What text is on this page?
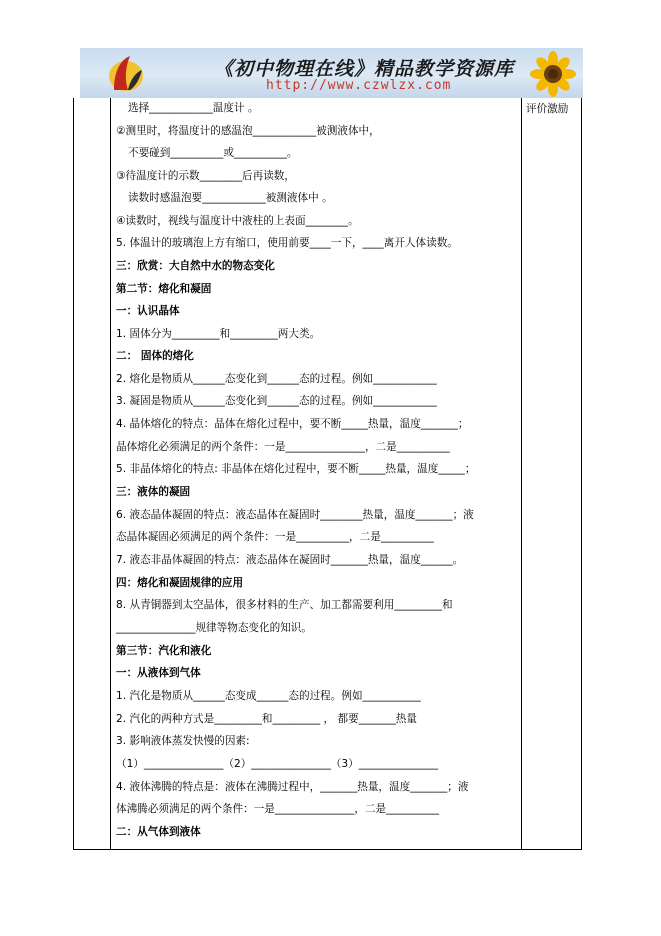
《初中物理在线》精品教学资源库
http://www.czwlzx.com
评价激励
选择____________温度计 。
②测里时，将温度计的感温泡____________被测液体中，
不要碰到__________或__________。
③待温度计的示数________后再读数，
读数时感温泡要____________被测液体中 。
④读数时，视线与温度计中液柱的上表面________。
5. 体温计的玻璃泡上方有缩口，使用前要____一下，____离开人体读数。
三：欣赏：大自然中水的物态变化
第二节：熔化和凝固
一：认识晶体
1. 固体分为_________和_________两大类。
二： 固体的熔化
2. 熔化是物质从______态变化到______态的过程。例如____________
3. 凝固是物质从______态变化到______态的过程。例如____________
4. 晶体熔化的特点：晶体在熔化过程中，要不断_____热量，温度_______；
晶体熔化必须满足的两个条件：一是_______________，二是__________
5. 非晶体熔化的特点: 非晶体在熔化过程中，要不断_____热量，温度_____；
三：液体的凝固
6. 液态晶体凝固的特点：液态晶体在凝固时________热量，温度_______；液
态晶体凝固必须满足的两个条件：一是__________，二是__________
7. 液态非晶体凝固的特点：液态晶体在凝固时_______热量，温度______。
四：熔化和凝固规律的应用
8. 从青铜器到太空晶体，很多材料的生产、加工都需要利用_________和
_______________规律等物态变化的知识。
第三节：汽化和液化
一：从液体到气体
1. 汽化是物质从______态变成______态的过程。例如___________
2. 汽化的两种方式是_________和_________ ， 都要_______热量
3. 影响液体蒸发快慢的因素:
（1）_______________（2）_______________（3）_______________
4. 液体沸腾的特点是：液体在沸腾过程中，_______热量，温度_______；液
体沸腾必须满足的两个条件：一是_______________，二是__________
二：从气体到液体
